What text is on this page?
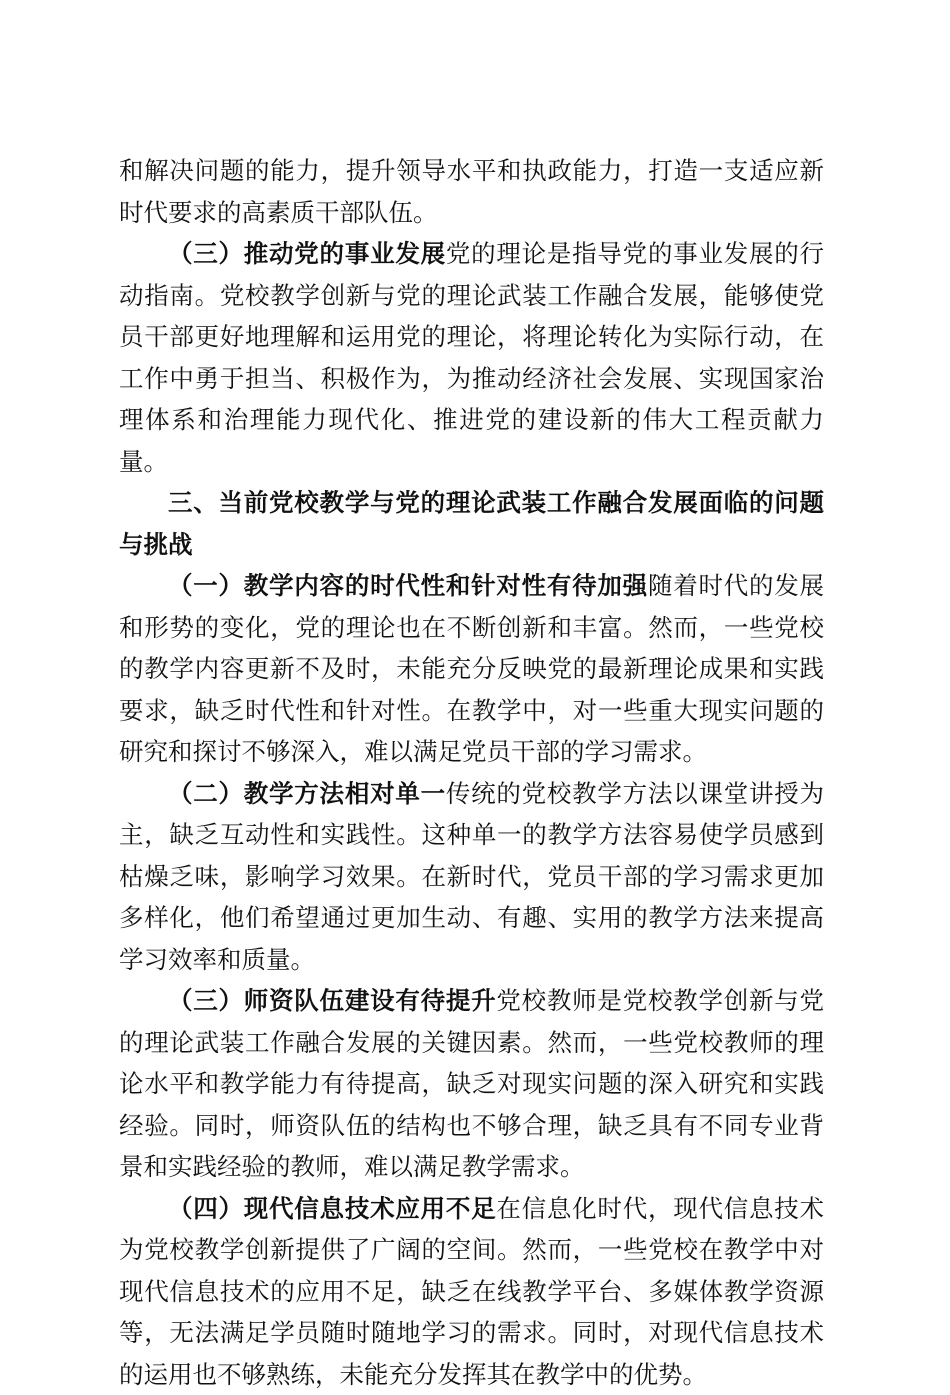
和解决问题的能力，提升领导水平和执政能力，打造一支适应新时代要求的高素质干部队伍。

（三）推动党的事业发展党的理论是指导党的事业发展的行动指南。党校教学创新与党的理论武装工作融合发展，能够使党员干部更好地理解和运用党的理论，将理论转化为实际行动，在工作中勇于担当、积极作为，为推动经济社会发展、实现国家治理体系和治理能力现代化、推进党的建设新的伟大工程贡献力量。

三、当前党校教学与党的理论武装工作融合发展面临的问题与挑战

（一）教学内容的时代性和针对性有待加强随着时代的发展和形势的变化，党的理论也在不断创新和丰富。然而，一些党校的教学内容更新不及时，未能充分反映党的最新理论成果和实践要求，缺乏时代性和针对性。在教学中，对一些重大现实问题的研究和探讨不够深入，难以满足党员干部的学习需求。

（二）教学方法相对单一传统的党校教学方法以课堂讲授为主，缺乏互动性和实践性。这种单一的教学方法容易使学员感到枯燥乏味，影响学习效果。在新时代，党员干部的学习需求更加多样化，他们希望通过更加生动、有趣、实用的教学方法来提高学习效率和质量。

（三）师资队伍建设有待提升党校教师是党校教学创新与党的理论武装工作融合发展的关键因素。然而，一些党校教师的理论水平和教学能力有待提高，缺乏对现实问题的深入研究和实践经验。同时，师资队伍的结构也不够合理，缺乏具有不同专业背景和实践经验的教师，难以满足教学需求。

（四）现代信息技术应用不足在信息化时代，现代信息技术为党校教学创新提供了广阔的空间。然而，一些党校在教学中对现代信息技术的应用不足，缺乏在线教学平台、多媒体教学资源等，无法满足学员随时随地学习的需求。同时，对现代信息技术的运用也不够熟练，未能充分发挥其在教学中的优势。
